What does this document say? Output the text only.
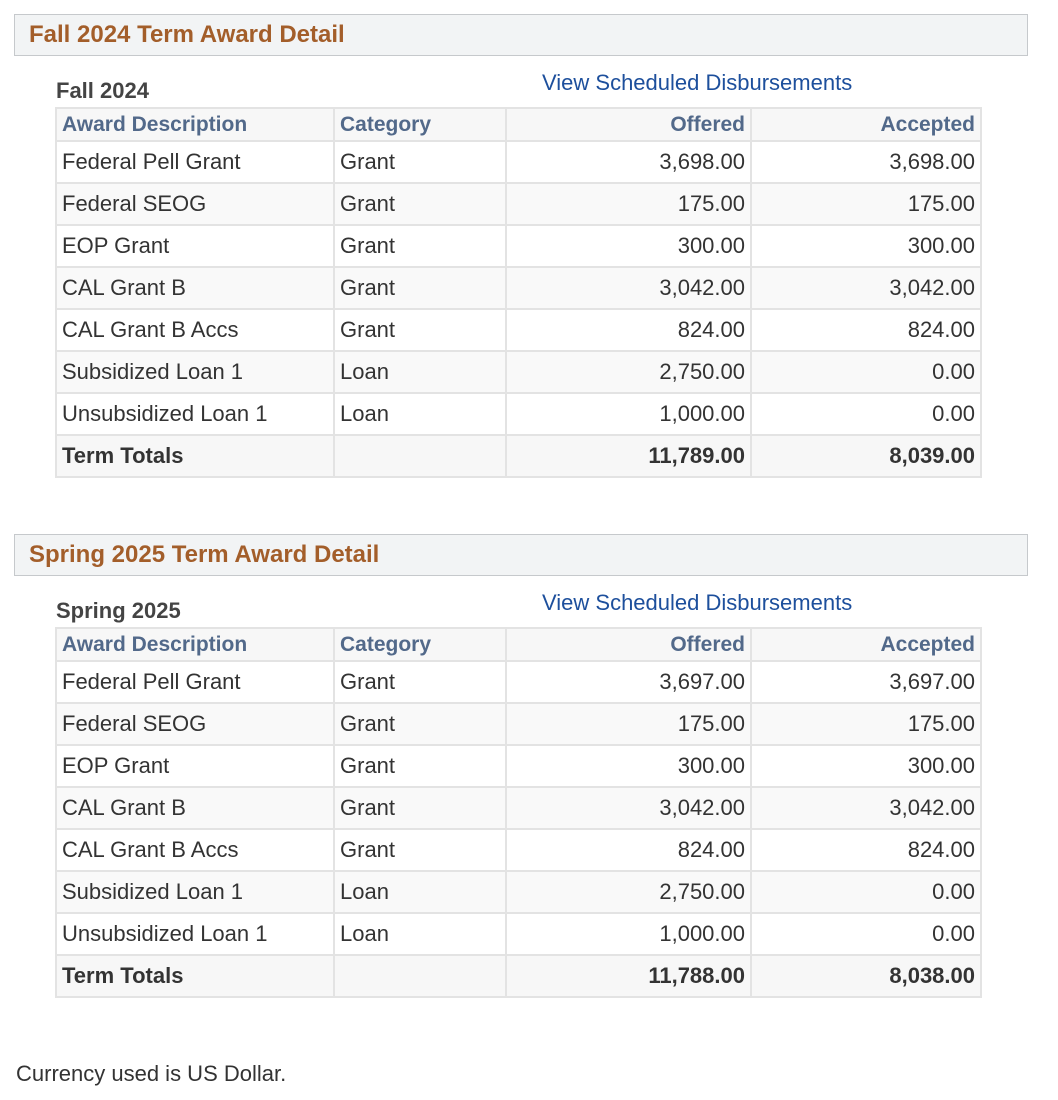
Fall 2024 Term Award Detail
Fall 2024	View Scheduled Disbursements
Award Description	Category	Offered	Accepted
Federal Pell Grant	Grant	3,698.00	3,698.00
Federal SEOG	Grant	175.00	175.00
EOP Grant	Grant	300.00	300.00
CAL Grant B	Grant	3,042.00	3,042.00
CAL Grant B Accs	Grant	824.00	824.00
Subsidized Loan 1	Loan	2,750.00	0.00
Unsubsidized Loan 1	Loan	1,000.00	0.00
Term Totals		11,789.00	8,039.00
Spring 2025 Term Award Detail
Spring 2025	View Scheduled Disbursements
Award Description	Category	Offered	Accepted
Federal Pell Grant	Grant	3,697.00	3,697.00
Federal SEOG	Grant	175.00	175.00
EOP Grant	Grant	300.00	300.00
CAL Grant B	Grant	3,042.00	3,042.00
CAL Grant B Accs	Grant	824.00	824.00
Subsidized Loan 1	Loan	2,750.00	0.00
Unsubsidized Loan 1	Loan	1,000.00	0.00
Term Totals		11,788.00	8,038.00
Currency used is US Dollar.
